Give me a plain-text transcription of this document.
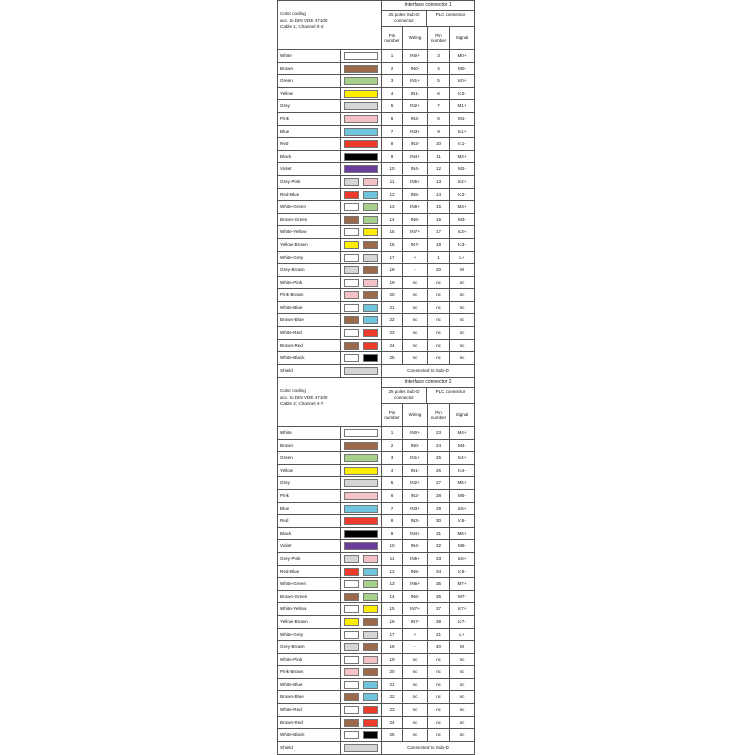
Color coding
acc. to DIN VDE 47100
Cable 1; Channel 0-3
Interface connector 1
25 poles Sub-D connector
PLC connector
Pin
number
Wiring
Pin
number
Signal
White	1	IN0+	3	M0+
Brown	2	IN0-	4	M0-
Green	3	IN1+	5	Ic0+
Yellow	4	IN1-	6	Ic0-
Grey	5	IN2+	7	M1+
Pink	6	IN2-	8	M1-
Blue	7	IN3+	9	Ic1+
Red	8	IN3-	10	Ic1-
Black	9	IN4+	11	M2+
Violet	10	IN4-	12	M2-
Grey-Pink	11	IN5+	13	Ic2+
Red-Blue	12	IN5-	14	Ic2-
White-Green	13	IN6+	15	M3+
Brown-Green	14	IN6-	16	M3-
White-Yellow	15	IN7+	17	Ic3+
Yellow-Brown	16	IN7-	18	Ic3-
White-Grey	17	+	1	L+
Grey-Brown	18	-	20	M
White-Pink	19	nc	nc	nc
Pink-Brown	20	nc	nc	nc
White-Blue	21	nc	nc	nc
Brown-Blue	22	nc	nc	nc
White-Red	23	nc	nc	nc
Brown-Red	24	nc	nc	nc
White-Black	25	nc	nc	nc
Shield	Connected to Sub-D
Color coding
acc. to DIN VDE 47100
Cable 2; Channel 4-7
Interface connector 2
25 poles Sub-D connector
PLC connector
Pin
number
Wiring
Pin
number
Signal
White	1	IN0+	23	M4+
Brown	2	IN0-	24	M4-
Green	3	IN1+	25	Ic4+
Yellow	4	IN1-	26	Ic4-
Grey	5	IN2+	27	M5+
Pink	6	IN2-	28	M5-
Blue	7	IN3+	29	Ic5+
Red	8	IN3-	30	Ic5-
Black	9	IN4+	31	M6+
Violet	10	IN4-	32	M6-
Grey-Pink	11	IN5+	33	Ic6+
Red-Blue	12	IN5-	34	Ic6-
White-Green	13	IN6+	35	M7+
Brown-Green	14	IN6-	36	M7-
White-Yellow	15	IN7+	37	Ic7+
Yellow-Brown	16	IN7-	38	Ic7-
White-Grey	17	+	21	L+
Grey-Brown	18	-	40	M
White-Pink	19	nc	nc	nc
Pink-Brown	20	nc	nc	nc
White-Blue	21	nc	nc	nc
Brown-Blue	22	nc	nc	nc
White-Red	23	nc	nc	nc
Brown-Red	24	nc	nc	nc
White-Black	25	nc	nc	nc
Shield	Connected to Sub-D
